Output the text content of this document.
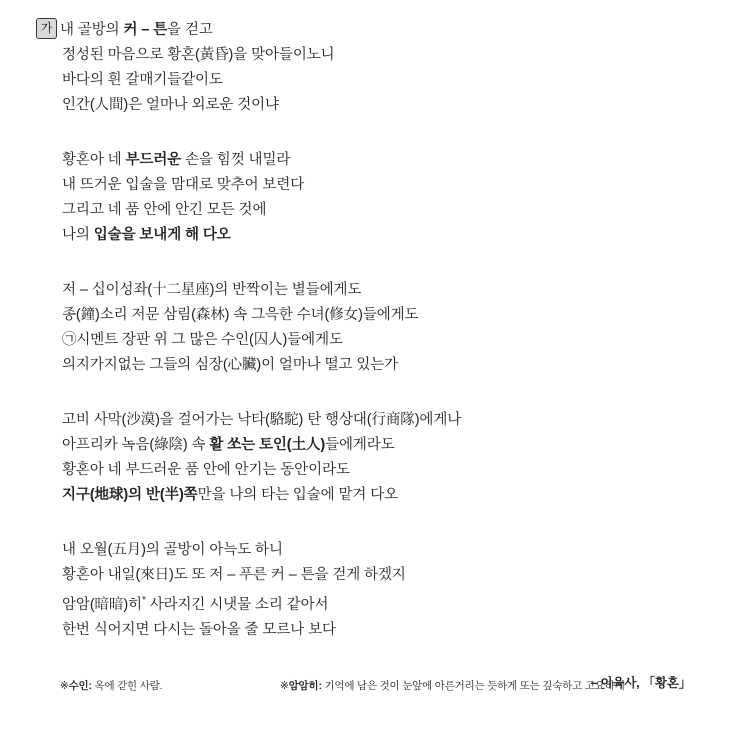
가 내 골방의 커 – 튼을 걷고
정성된 마음으로 황혼(黃昏)을 맞아들이노니
바다의 흰 갈매기들같이도
인간(人間)은 얼마나 외로운 것이냐
황혼아 네 부드러운 손을 힘껏 내밀라
내 뜨거운 입술을 맘대로 맞추어 보련다
그리고 네 품 안에 안긴 모든 것에
나의 입술을 보내게 해 다오
저 – 십이성좌(十二星座)의 반짝이는 별들에게도
종(鐘)소리 저문 삼림(森林) 속 그윽한 수녀(修女)들에게도
㉠시멘트 장판 위 그 많은 수인(囚人)들에게도
의지가지없는 그들의 심장(心臟)이 얼마나 떨고 있는가
고비 사막(沙漠)을 걸어가는 낙타(駱駝) 탄 행상대(行商隊)에게나
아프리카 녹음(綠陰) 속 활 쏘는 토인(土人)들에게라도
황혼아 네 부드러운 품 안에 안기는 동안이라도
지구(地球)의 반(半)쪽만을 나의 타는 입술에 맡겨 다오
내 오월(五月)의 골방이 아늑도 하니
황혼아 내일(來日)도 또 저 – 푸른 커 – 튼을 걷게 하겠지
암암(暗暗)히* 사라지긴 시냇물 소리 같아서
한번 식어지면 다시는 돌아올 줄 모르나 보다
– 이육사, 「황혼」
※수인: 옥에 갇힌 사람.	※암암히: 기억에 남은 것이 눈앞에 아른거리는 듯하게 또는 깊숙하고 고요하게
